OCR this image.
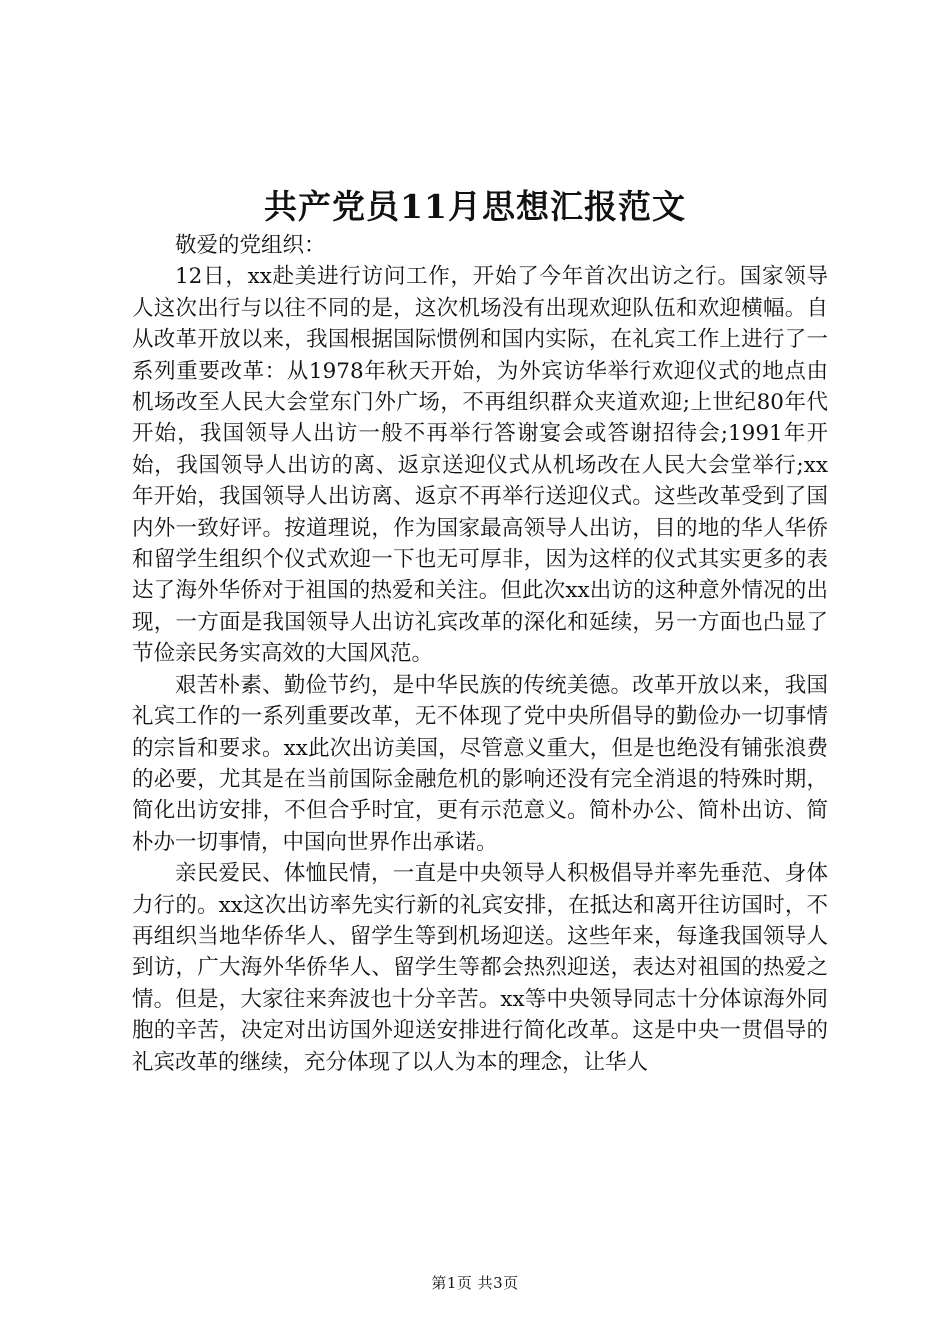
共产党员11月思想汇报范文

敬爱的党组织：

12日，xx赴美进行访问工作，开始了今年首次出访之行。国家领导人这次出行与以往不同的是，这次机场没有出现欢迎队伍和欢迎横幅。自从改革开放以来，我国根据国际惯例和国内实际，在礼宾工作上进行了一系列重要改革：从1978年秋天开始，为外宾访华举行欢迎仪式的地点由机场改至人民大会堂东门外广场，不再组织群众夹道欢迎;上世纪80年代开始，我国领导人出访一般不再举行答谢宴会或答谢招待会;1991年开始，我国领导人出访的离、返京送迎仪式从机场改在人民大会堂举行;xx年开始，我国领导人出访离、返京不再举行送迎仪式。这些改革受到了国内外一致好评。按道理说，作为国家最高领导人出访，目的地的华人华侨和留学生组织个仪式欢迎一下也无可厚非，因为这样的仪式其实更多的表达了海外华侨对于祖国的热爱和关注。但此次xx出访的这种意外情况的出现，一方面是我国领导人出访礼宾改革的深化和延续，另一方面也凸显了节俭亲民务实高效的大国风范。

艰苦朴素、勤俭节约，是中华民族的传统美德。改革开放以来，我国礼宾工作的一系列重要改革，无不体现了党中央所倡导的勤俭办一切事情的宗旨和要求。xx此次出访美国，尽管意义重大，但是也绝没有铺张浪费的必要，尤其是在当前国际金融危机的影响还没有完全消退的特殊时期，简化出访安排，不但合乎时宜，更有示范意义。简朴办公、简朴出访、简朴办一切事情，中国向世界作出承诺。

亲民爱民、体恤民情，一直是中央领导人积极倡导并率先垂范、身体力行的。xx这次出访率先实行新的礼宾安排，在抵达和离开往访国时，不再组织当地华侨华人、留学生等到机场迎送。这些年来，每逢我国领导人到访，广大海外华侨华人、留学生等都会热烈迎送，表达对祖国的热爱之情。但是，大家往来奔波也十分辛苦。xx等中央领导同志十分体谅海外同胞的辛苦，决定对出访国外迎送安排进行简化改革。这是中央一贯倡导的礼宾改革的继续，充分体现了以人为本的理念，让华人

第1页 共3页
